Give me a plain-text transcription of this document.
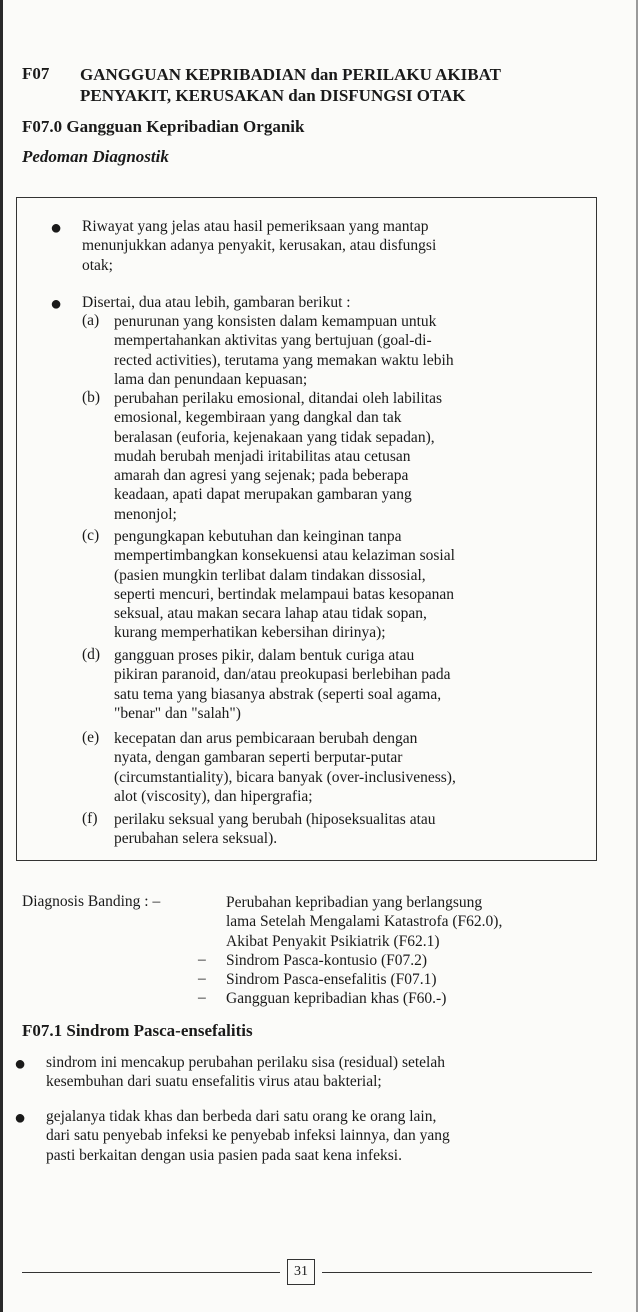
F07 GANGGUAN KEPRIBADIAN dan PERILAKU AKIBAT
PENYAKIT, KERUSAKAN dan DISFUNGSI OTAK
F07.0 Gangguan Kepribadian Organik
Pedoman Diagnostik
● Riwayat yang jelas atau hasil pemeriksaan yang mantap
menunjukkan adanya penyakit, kerusakan, atau disfungsi
otak;
● Disertai, dua atau lebih, gambaran berikut :
(a) penurunan yang konsisten dalam kemampuan untuk
mempertahankan aktivitas yang bertujuan (goal-di-
rected activities), terutama yang memakan waktu lebih
lama dan penundaan kepuasan;
(b) perubahan perilaku emosional, ditandai oleh labilitas
emosional, kegembiraan yang dangkal dan tak
beralasan (euforia, kejenakaan yang tidak sepadan),
mudah berubah menjadi iritabilitas atau cetusan
amarah dan agresi yang sejenak; pada beberapa
keadaan, apati dapat merupakan gambaran yang
menonjol;
(c) pengungkapan kebutuhan dan keinginan tanpa
mempertimbangkan konsekuensi atau kelaziman sosial
(pasien mungkin terlibat dalam tindakan dissosial,
seperti mencuri, bertindak melampaui batas kesopanan
seksual, atau makan secara lahap atau tidak sopan,
kurang memperhatikan kebersihan dirinya);
(d) gangguan proses pikir, dalam bentuk curiga atau
pikiran paranoid, dan/atau preokupasi berlebihan pada
satu tema yang biasanya abstrak (seperti soal agama,
"benar" dan "salah")
(e) kecepatan dan arus pembicaraan berubah dengan
nyata, dengan gambaran seperti berputar-putar
(circumstantiality), bicara banyak (over-inclusiveness),
alot (viscosity), dan hipergrafia;
(f) perilaku seksual yang berubah (hiposeksualitas atau
perubahan selera seksual).
Diagnosis Banding : –	Perubahan kepribadian yang berlangsung
lama Setelah Mengalami Katastrofa (F62.0),
Akibat Penyakit Psikiatrik (F62.1)
– Sindrom Pasca-kontusio (F07.2)
– Sindrom Pasca-ensefalitis (F07.1)
– Gangguan kepribadian khas (F60.-)
F07.1 Sindrom Pasca-ensefalitis
● sindrom ini mencakup perubahan perilaku sisa (residual) setelah
kesembuhan dari suatu ensefalitis virus atau bakterial;
● gejalanya tidak khas dan berbeda dari satu orang ke orang lain,
dari satu penyebab infeksi ke penyebab infeksi lainnya, dan yang
pasti berkaitan dengan usia pasien pada saat kena infeksi.
31
